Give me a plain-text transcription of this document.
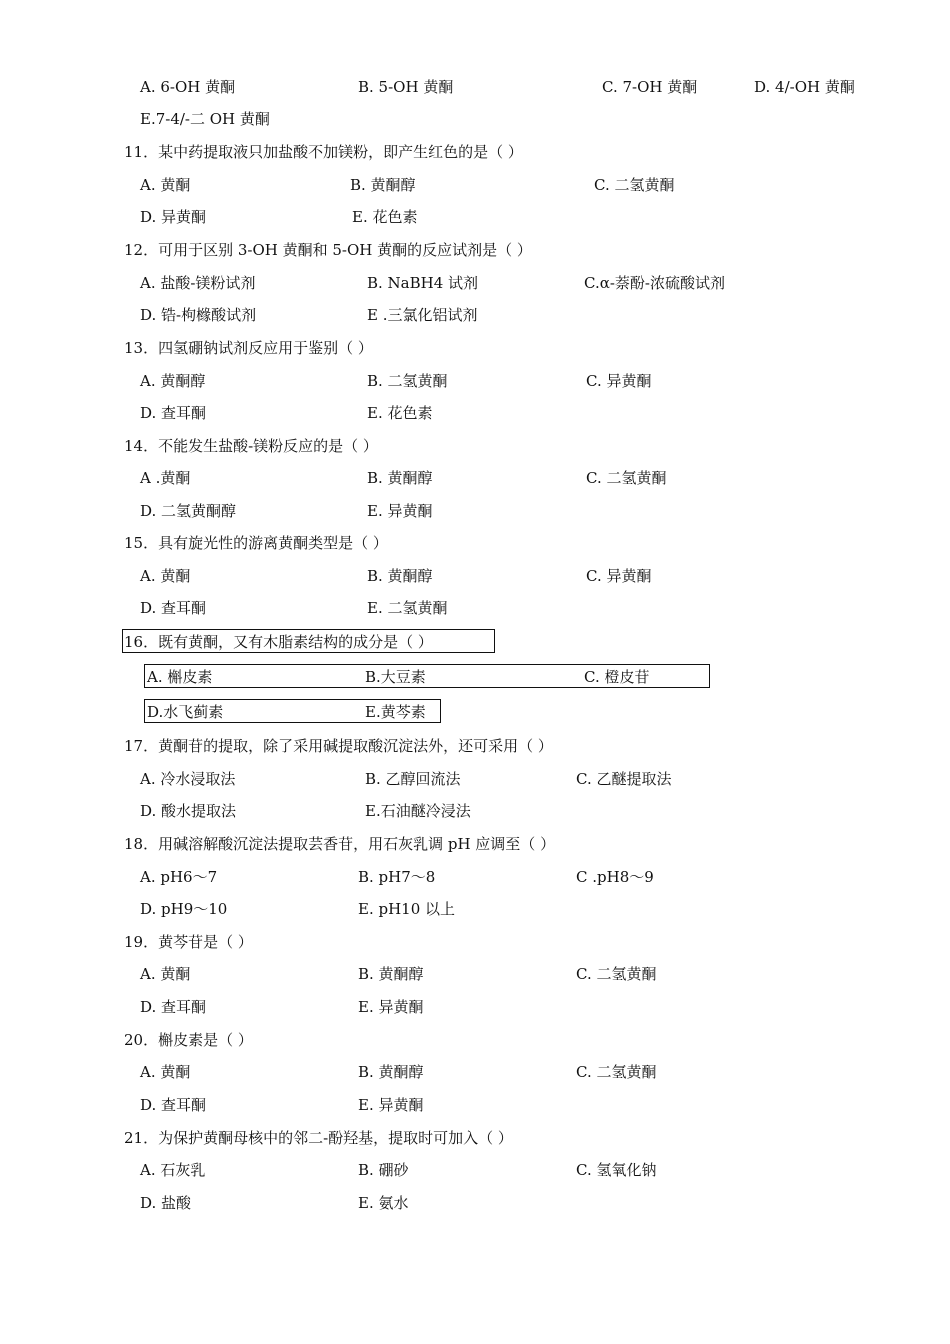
A. 6-OH 黄酮	B. 5-OH 黄酮	C. 7-OH 黄酮	D. 4/-OH 黄酮
E.7-4/-二 OH 黄酮
11．某中药提取液只加盐酸不加镁粉，即产生红色的是（ ）
A. 黄酮	B. 黄酮醇	C. 二氢黄酮
D. 异黄酮	E. 花色素
12．可用于区别 3-OH 黄酮和 5-OH 黄酮的反应试剂是（ ）
A. 盐酸-镁粉试剂	B. NaBH4 试剂	C.α-萘酚-浓硫酸试剂
D. 锆-枸橼酸试剂	E .三氯化铝试剂
13．四氢硼钠试剂反应用于鉴别（ ）
A. 黄酮醇	B. 二氢黄酮	C. 异黄酮
D. 查耳酮	E. 花色素
14．不能发生盐酸-镁粉反应的是（ ）
A .黄酮	B. 黄酮醇	C. 二氢黄酮
D. 二氢黄酮醇	E. 异黄酮
15．具有旋光性的游离黄酮类型是（ ）
A. 黄酮	B. 黄酮醇	C. 异黄酮
D. 查耳酮	E. 二氢黄酮
16．既有黄酮，又有木脂素结构的成分是（ ）
A. 槲皮素	B.大豆素	C. 橙皮苷
D.水飞蓟素	E.黄芩素
17．黄酮苷的提取，除了采用碱提取酸沉淀法外，还可采用（ ）
A. 冷水浸取法	B. 乙醇回流法	C. 乙醚提取法
D. 酸水提取法	E.石油醚冷浸法
18．用碱溶解酸沉淀法提取芸香苷，用石灰乳调 pH 应调至（ ）
A. pH6～7	B. pH7～8	C .pH8～9
D. pH9～10	E. pH10 以上
19．黄芩苷是（ ）
A. 黄酮	B. 黄酮醇	C. 二氢黄酮
D. 查耳酮	E. 异黄酮
20．槲皮素是（ ）
A. 黄酮	B. 黄酮醇	C. 二氢黄酮
D. 查耳酮	E. 异黄酮
21．为保护黄酮母核中的邻二-酚羟基，提取时可加入（ ）
A. 石灰乳	B. 硼砂	C. 氢氧化钠
D. 盐酸	E. 氨水
